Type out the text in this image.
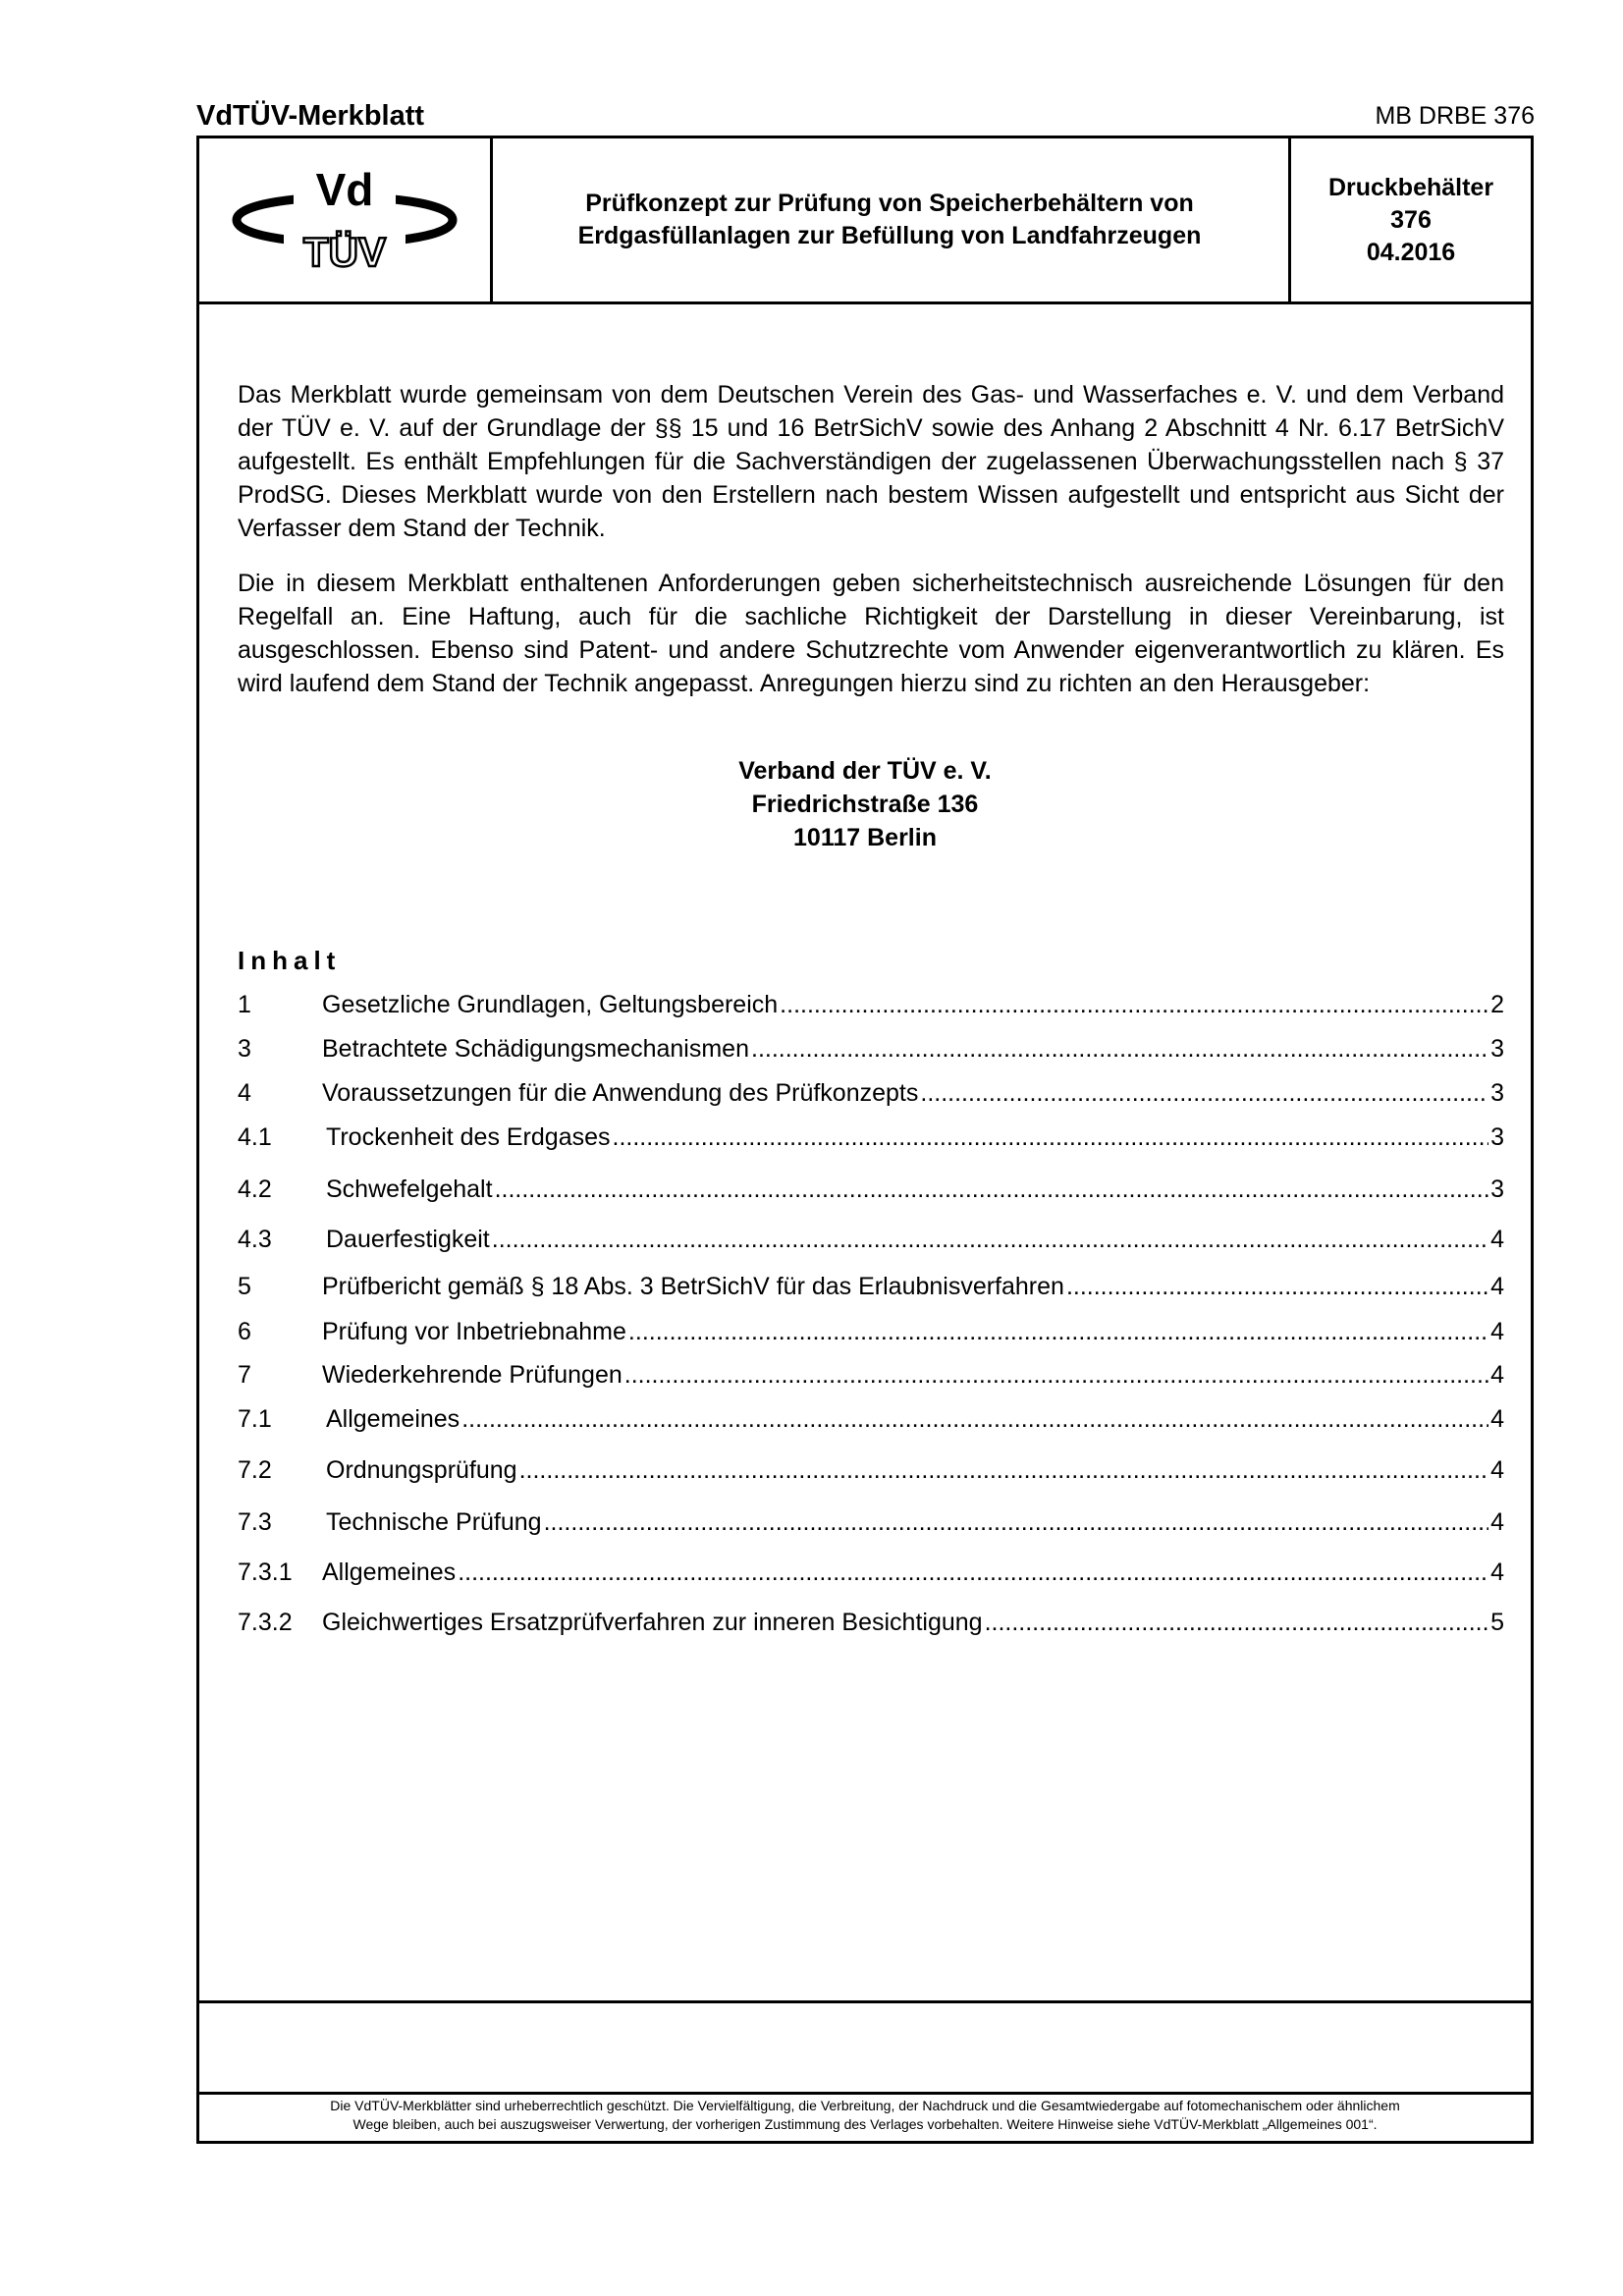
VdTÜV-Merkblatt	MB DRBE 376
Vd
TÜV
Prüfkonzept zur Prüfung von Speicherbehältern von
Erdgasfüllanlagen zur Befüllung von Landfahrzeugen
Druckbehälter
376
04.2016
Das Merkblatt wurde gemeinsam von dem Deutschen Verein des Gas- und Wasserfaches e. V. und dem Verband der TÜV e. V. auf der Grundlage der §§ 15 und 16 BetrSichV sowie des Anhang 2 Abschnitt 4 Nr. 6.17 BetrSichV aufgestellt. Es enthält Empfehlungen für die Sachverständigen der zugelassenen Überwachungsstellen nach § 37 ProdSG. Dieses Merkblatt wurde von den Erstellern nach bestem Wissen aufgestellt und entspricht aus Sicht der Verfasser dem Stand der Technik.
Die in diesem Merkblatt enthaltenen Anforderungen geben sicherheitstechnisch ausreichende Lösungen für den Regelfall an. Eine Haftung, auch für die sachliche Richtigkeit der Darstellung in dieser Vereinbarung, ist ausgeschlossen. Ebenso sind Patent- und andere Schutzrechte vom Anwender eigenverantwortlich zu klären. Es wird laufend dem Stand der Technik angepasst. Anregungen hierzu sind zu richten an den Herausgeber:
Verband der TÜV e. V.
Friedrichstraße 136
10117 Berlin
Inhalt
1	Gesetzliche Grundlagen, Geltungsbereich .....	2
3	Betrachtete Schädigungsmechanismen .....	3
4	Voraussetzungen für die Anwendung des Prüfkonzepts .....	3
4.1 Trockenheit des Erdgases .....	3
4.2 Schwefelgehalt .....	3
4.3 Dauerfestigkeit .....	4
5	Prüfbericht gemäß § 18 Abs. 3 BetrSichV für das Erlaubnisverfahren .....	4
6	Prüfung vor Inbetriebnahme .....	4
7	Wiederkehrende Prüfungen .....	4
7.1 Allgemeines .....	4
7.2 Ordnungsprüfung .....	4
7.3 Technische Prüfung .....	4
7.3.1 Allgemeines .....	4
7.3.2 Gleichwertiges Ersatzprüfverfahren zur inneren Besichtigung .....	5
Die VdTÜV-Merkblätter sind urheberrechtlich geschützt. Die Vervielfältigung, die Verbreitung, der Nachdruck und die Gesamtwiedergabe auf fotomechanischem oder ähnlichem
Wege bleiben, auch bei auszugsweiser Verwertung, der vorherigen Zustimmung des Verlages vorbehalten. Weitere Hinweise siehe VdTÜV-Merkblatt „Allgemeines 001“.
